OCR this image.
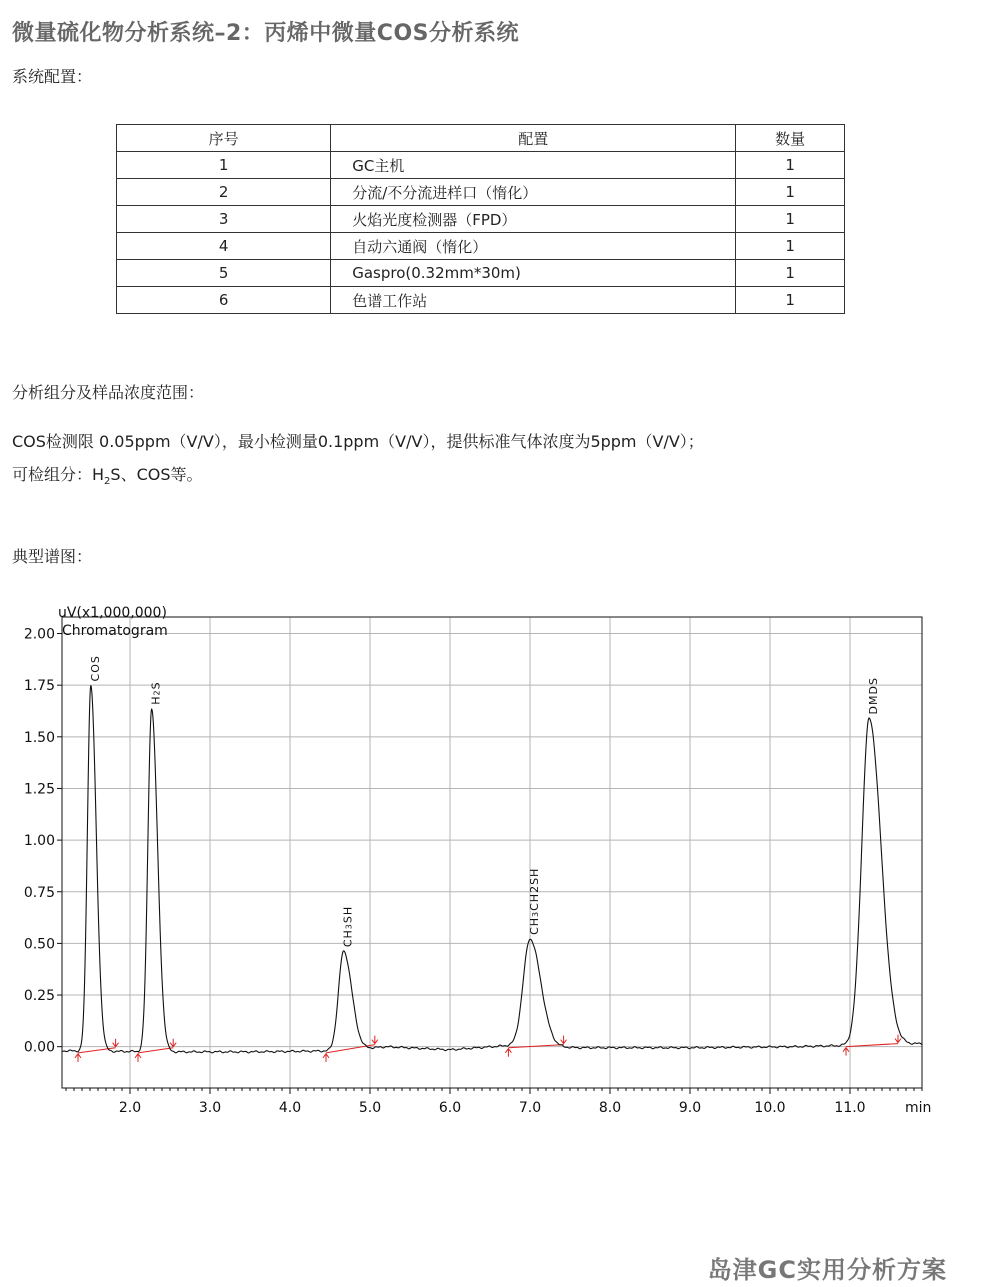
微量硫化物分析系统–2：丙烯中微量COS分析系统
系统配置：
序号	配置	数量
1	GC主机	1
2	分流/不分流进样口（惰化）	1
3	火焰光度检测器（FPD）	1
4	自动六通阀（惰化）	1
5	Gaspro(0.32mm*30m)	1
6	色谱工作站	1
分析组分及样品浓度范围：
COS检测限 0.05ppm（V/V），最小检测量0.1ppm（V/V），提供标准气体浓度为5ppm（V/V）；
可检组分：$H_2S$、COS等。
典型谱图：
0.00
0.25
0.50
0.75
1.00
1.25
1.50
1.75
2.00
2.0	3.0	4.0	5.0	6.0	7.0	8.0	9.0	10.0	11.0
COS
H2S
CH3SH
CH3CH2SH
DMDS
uV(x1,000,000)
Chromatogram
min
岛津GC实用分析方案
